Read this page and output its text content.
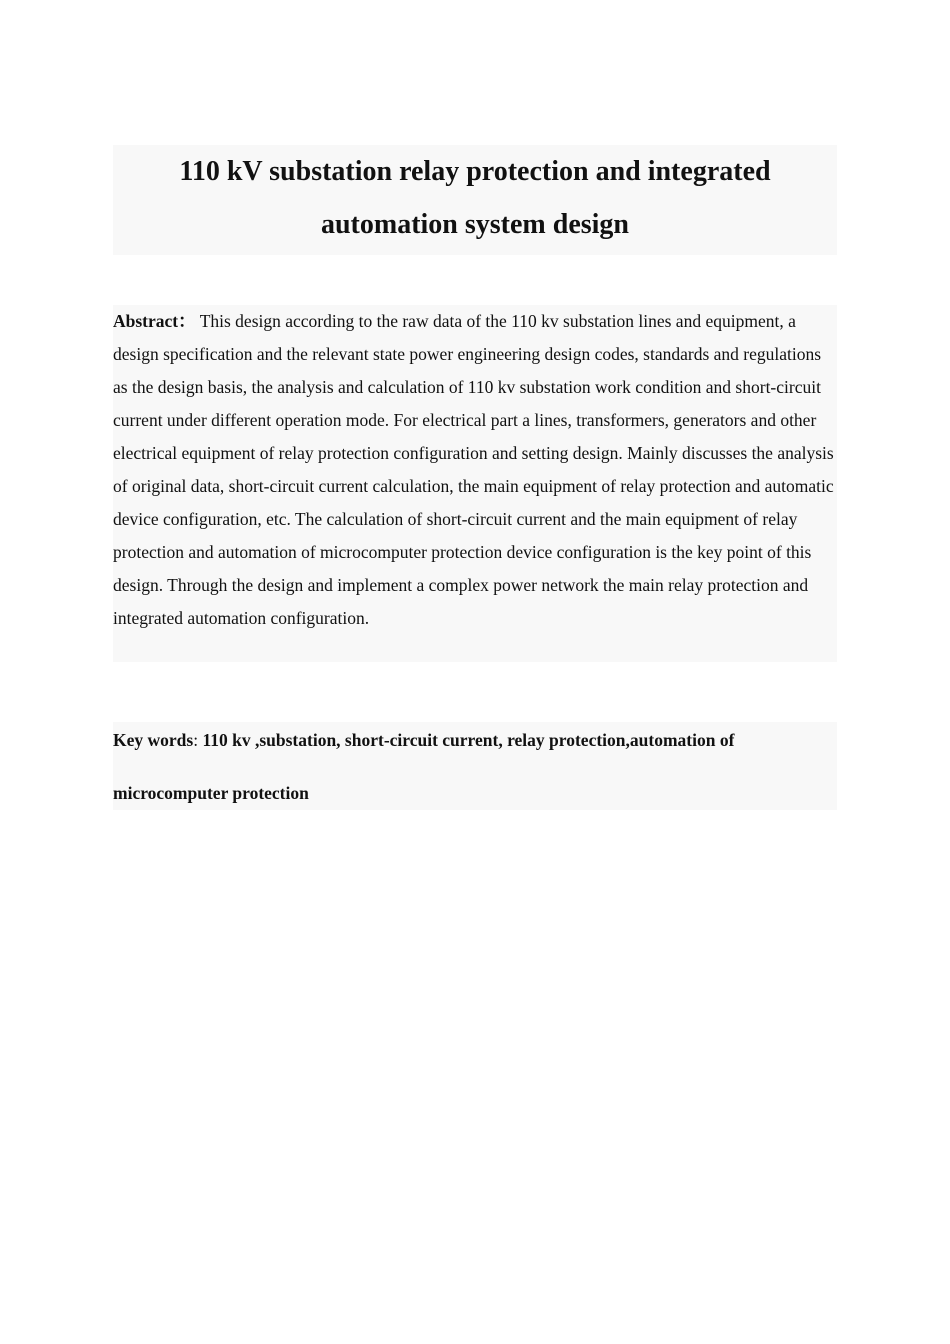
110 kV substation relay protection and integrated
automation system design

Abstract： This design according to the raw data of the 110 kv substation lines and equipment, a design specification and the relevant state power engineering design codes, standards and regulations as the design basis, the analysis and calculation of 110 kv substation work condition and short-circuit current under different operation mode. For electrical part a lines, transformers, generators and other electrical equipment of relay protection configuration and setting design. Mainly discusses the analysis of original data, short-circuit current calculation, the main equipment of relay protection and automatic device configuration, etc. The calculation of short-circuit current and the main equipment of relay protection and automation of microcomputer protection device configuration is the key point of this design. Through the design and implement a complex power network the main relay protection and integrated automation configuration.

Key words: 110 kv ,substation, short-circuit current, relay protection,automation of microcomputer protection
